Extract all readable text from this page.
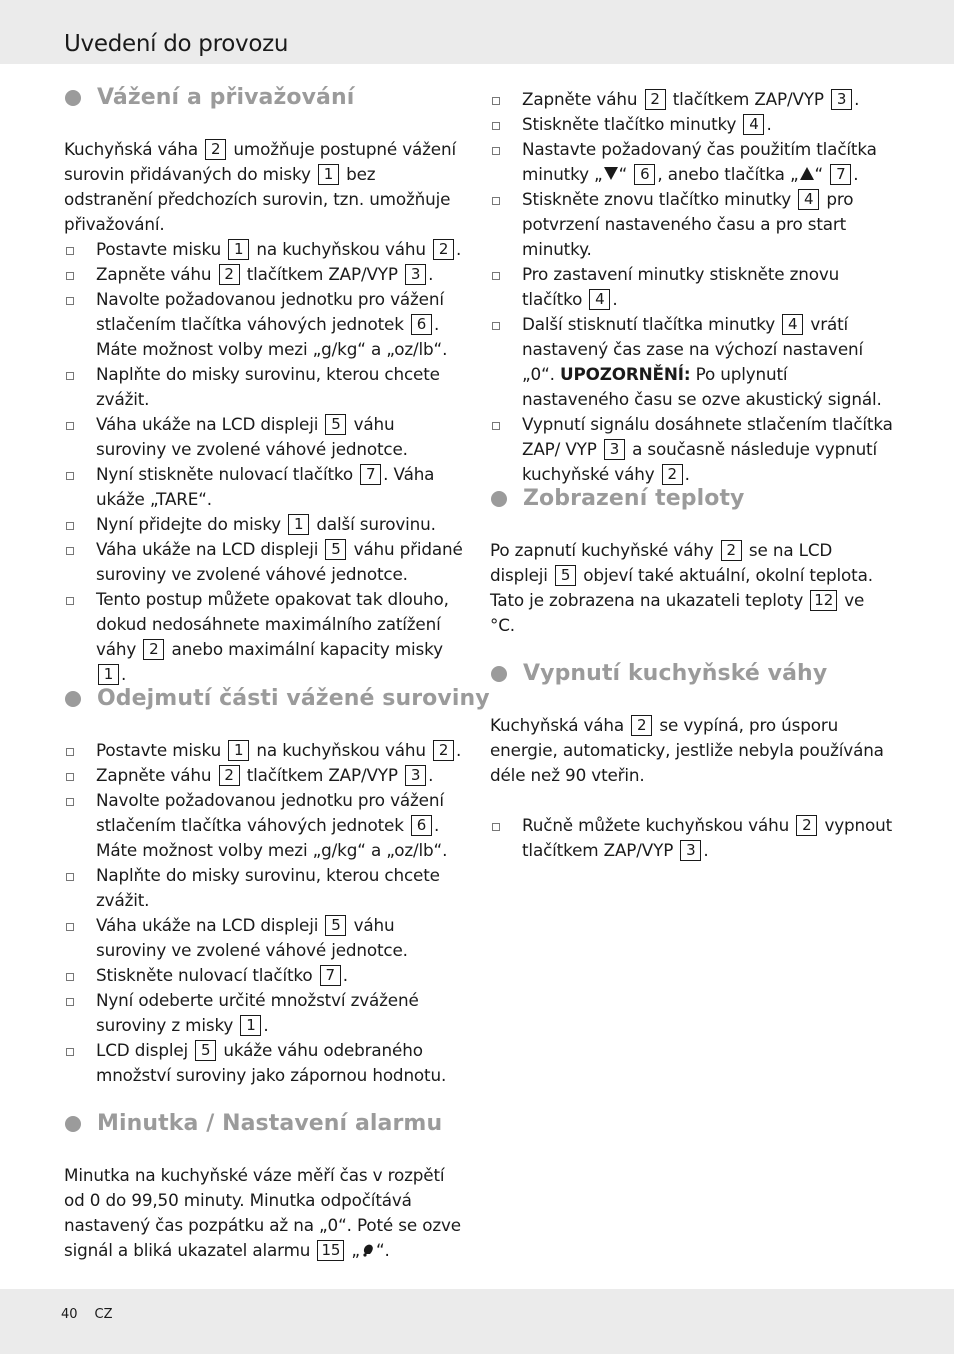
Uvedení do provozu
Vážení a přivažování

Kuchyňská váha 2 umožňuje postupné vážení surovin přidávaných do misky 1 bez odstranění předchozích surovin, tzn. umožňuje přivažování.

Postavte misku 1 na kuchyňskou váhu 2 .
Zapněte váhu 2 tlačítkem ZAP/VYP 3 .
Navolte požadovanou jednotku pro vážení stlačením tlačítka váhových jednotek 6 . Máte možnost volby mezi „g/kg“ a „oz/lb“.
Naplňte do misky surovinu, kterou chcete zvážit.
Váha ukáže na LCD displeji 5 váhu suroviny ve zvolené váhové jednotce.
Nyní stiskněte nulovací tlačítko 7 . Váha ukáže „TARE“.
Nyní přidejte do misky 1 další surovinu.
Váha ukáže na LCD displeji 5 váhu přidané suroviny ve zvolené váhové jednotce.
Tento postup můžete opakovat tak dlouho, dokud nedosáhnete maximálního zatížení váhy 2 anebo maximální kapacity misky 1 .
Odejmutí části vážené suroviny
Postavte misku 1 na kuchyňskou váhu 2 .
Zapněte váhu 2 tlačítkem ZAP/VYP 3 .
Navolte požadovanou jednotku pro vážení stlačením tlačítka váhových jednotek 6 . Máte možnost volby mezi „g/kg“ a „oz/lb“.
Naplňte do misky surovinu, kterou chcete zvážit.
Váha ukáže na LCD displeji 5 váhu suroviny ve zvolené váhové jednotce.
Stiskněte nulovací tlačítko 7 .
Nyní odeberte určité množství zvážené suroviny z misky 1 .
LCD displej 5 ukáže váhu odebraného množství suroviny jako zápornou hodnotu.
Minutka / Nastavení alarmu

Minutka na kuchyňské váze měří čas v rozpětí od 0 do 99,50 minuty. Minutka odpočítává nastavený čas pozpátku až na „0“. Poté se ozve signál a bliká ukazatel alarmu 15 „ “.

Zapněte váhu 2 tlačítkem ZAP/VYP 3 .
Stiskněte tlačítko minutky 4 .
Nastavte požadovaný čas použitím tlačítka minutky „ “ 6 , anebo tlačítka „ “ 7 .
Stiskněte znovu tlačítko minutky 4 pro potvrzení nastaveného času a pro start minutky.
Pro zastavení minutky stiskněte znovu tlačítko 4 .
Další stisknutí tlačítka minutky 4 vrátí nastavený čas zase na výchozí nastavení „0“. UPOZORNĚNÍ: Po uplynutí nastaveného času se ozve akustický signál.
Vypnutí signálu dosáhnete stlačením tlačítka ZAP/ VYP 3 a současně následuje vypnutí kuchyňské váhy 2 .
Zobrazení teploty

Po zapnutí kuchyňské váhy 2 se na LCD displeji 5 objeví také aktuální, okolní teplota. Tato je zobrazena na ukazateli teploty 12 ve °C.

Vypnutí kuchyňské váhy

Kuchyňská váha 2 se vypíná, pro úsporu energie, automaticky, jestliže nebyla používána déle než 90 vteřin.

Ručně můžete kuchyňskou váhu 2 vypnout tlačítkem ZAP/VYP 3 .
40 CZ
